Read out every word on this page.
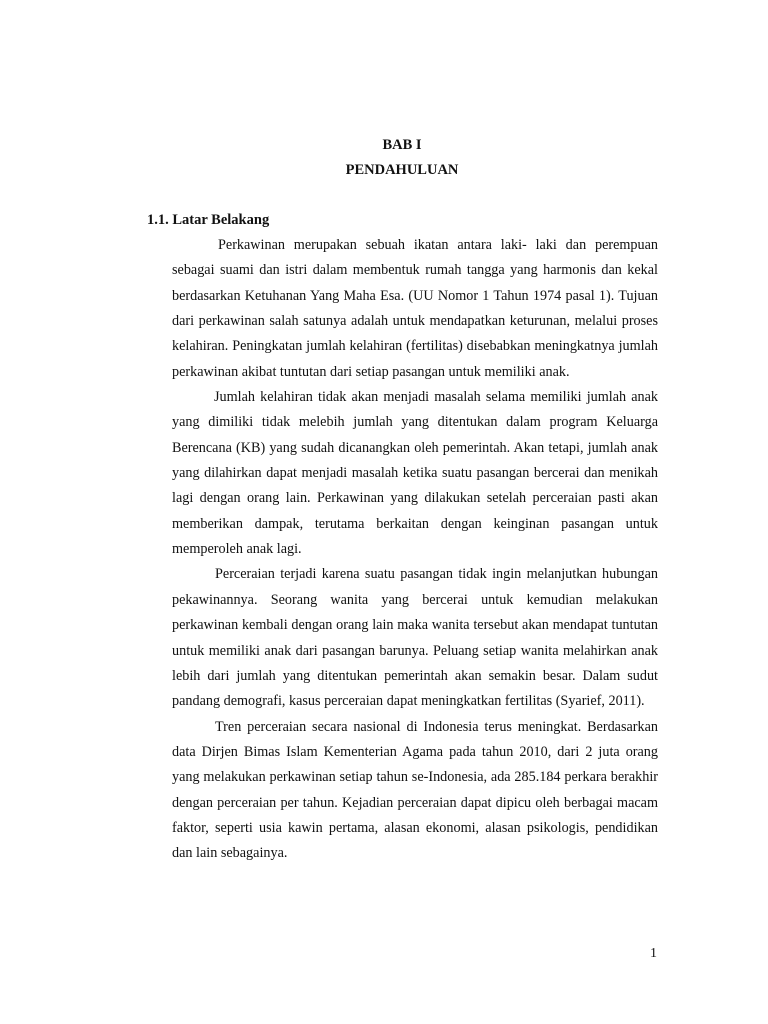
BAB I
PENDAHULUAN
1.1. Latar Belakang

Perkawinan merupakan sebuah ikatan antara laki- laki dan perempuan sebagai suami dan istri dalam membentuk rumah tangga yang harmonis dan kekal berdasarkan Ketuhanan Yang Maha Esa. (UU Nomor 1 Tahun 1974 pasal 1). Tujuan dari perkawinan salah satunya adalah untuk mendapatkan keturunan, melalui proses kelahiran. Peningkatan jumlah kelahiran (fertilitas) disebabkan meningkatnya jumlah perkawinan akibat tuntutan dari setiap pasangan untuk memiliki anak.

Jumlah kelahiran tidak akan menjadi masalah selama memiliki jumlah anak yang dimiliki tidak melebih jumlah yang ditentukan dalam program Keluarga Berencana (KB) yang sudah dicanangkan oleh pemerintah. Akan tetapi, jumlah anak yang dilahirkan dapat menjadi masalah ketika suatu pasangan bercerai dan menikah lagi dengan orang lain. Perkawinan yang dilakukan setelah perceraian pasti akan memberikan dampak, terutama berkaitan dengan keinginan pasangan untuk memperoleh anak lagi.

Perceraian terjadi karena suatu pasangan tidak ingin melanjutkan hubungan pekawinannya. Seorang wanita yang bercerai untuk kemudian melakukan perkawinan kembali dengan orang lain maka wanita tersebut akan mendapat tuntutan untuk memiliki anak dari pasangan barunya. Peluang setiap wanita melahirkan anak lebih dari jumlah yang ditentukan pemerintah akan semakin besar. Dalam sudut pandang demografi, kasus perceraian dapat meningkatkan fertilitas (Syarief, 2011).

Tren perceraian secara nasional di Indonesia terus meningkat. Berdasarkan data Dirjen Bimas Islam Kementerian Agama pada tahun 2010, dari 2 juta orang yang melakukan perkawinan setiap tahun se-Indonesia, ada 285.184 perkara berakhir dengan perceraian per tahun. Kejadian perceraian dapat dipicu oleh berbagai macam faktor, seperti usia kawin pertama, alasan ekonomi, alasan psikologis, pendidikan dan lain sebagainya.

1
